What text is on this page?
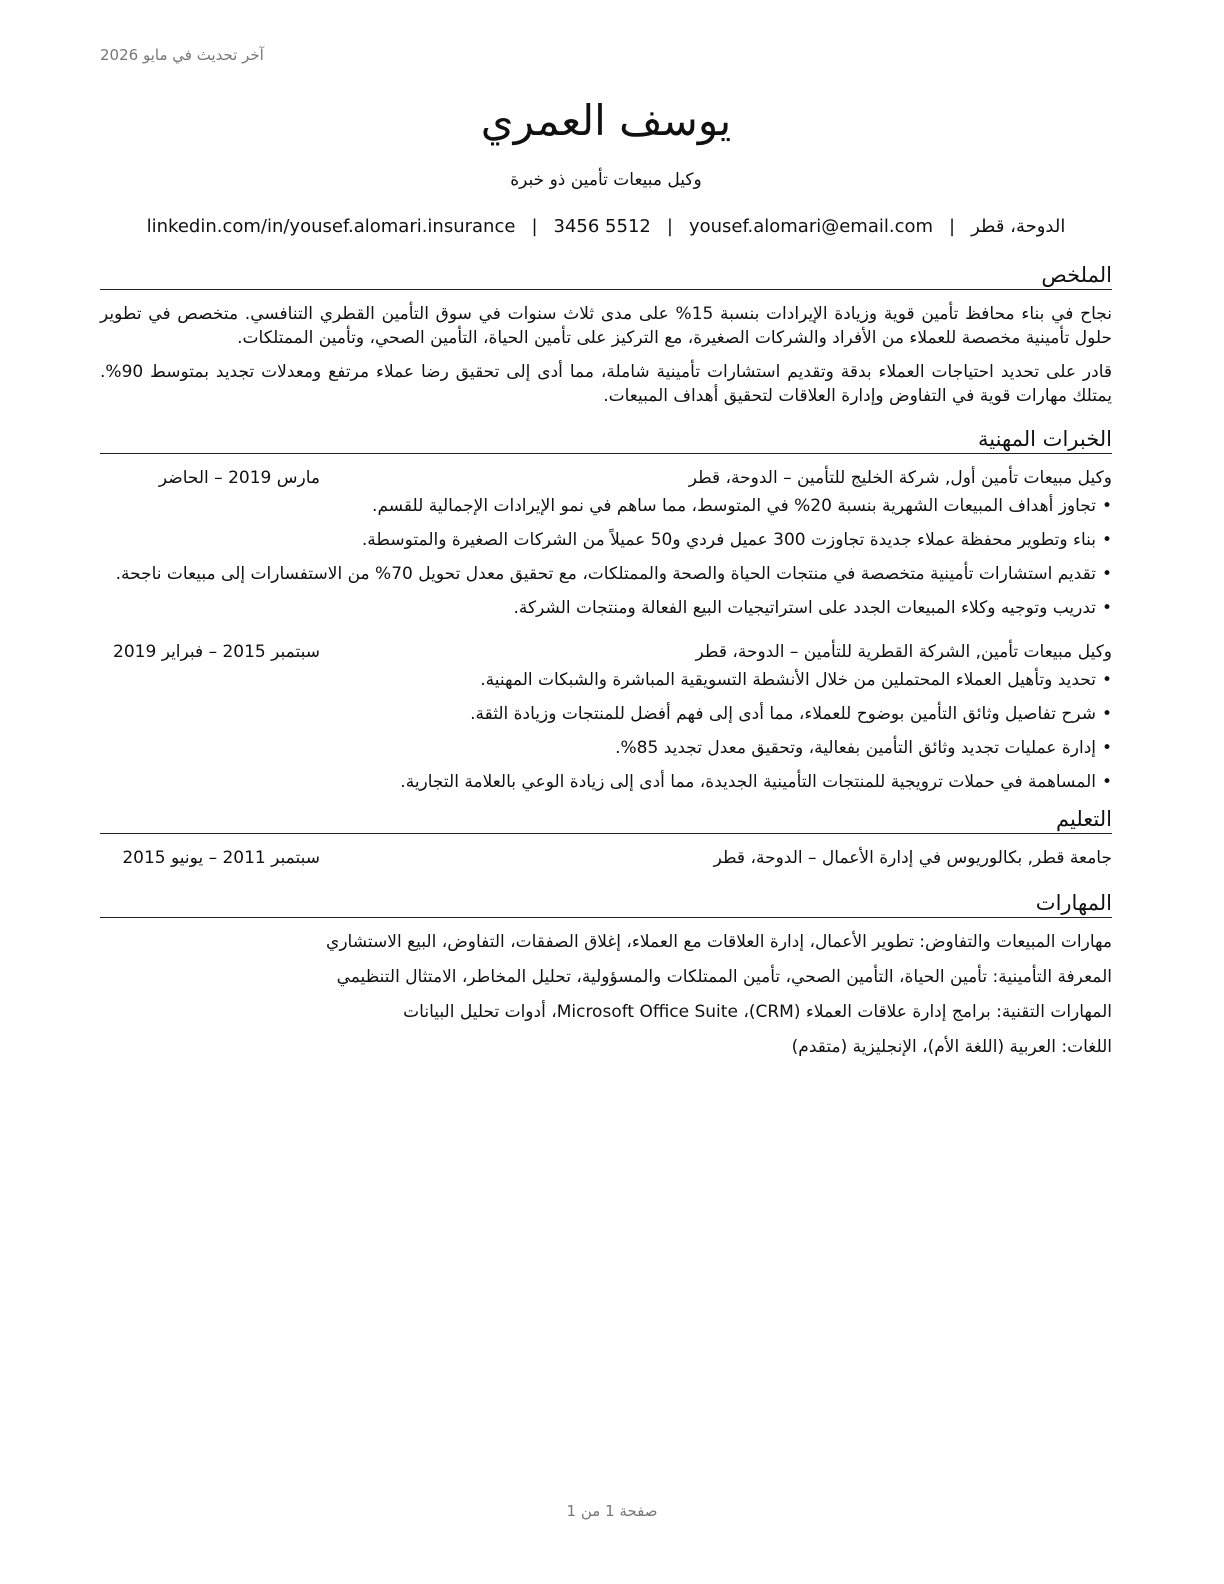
آخر تحديث في مايو 2026
يوسف العمري
وكيل مبيعات تأمين ذو خبرة
الدوحة، قطر|yousef.alomari@email.com|3456 5512|linkedin.com/in/yousef.alomari.insurance
الملخص

نجاح في بناء محافظ تأمين قوية وزيادة الإيرادات بنسبة 15% على مدى ثلاث سنوات في سوق التأمين القطري التنافسي. متخصص في تطوير حلول تأمينية مخصصة للعملاء من الأفراد والشركات الصغيرة، مع التركيز على تأمين الحياة، التأمين الصحي، وتأمين الممتلكات.

قادر على تحديد احتياجات العملاء بدقة وتقديم استشارات تأمينية شاملة، مما أدى إلى تحقيق رضا عملاء مرتفع ومعدلات تجديد بمتوسط 90%. يمتلك مهارات قوية في التفاوض وإدارة العلاقات لتحقيق أهداف المبيعات.

الخبرات المهنية
وكيل مبيعات تأمين أول, شركة الخليج للتأمين – الدوحة، قطر
مارس 2019 – الحاضر
• تجاوز أهداف المبيعات الشهرية بنسبة 20% في المتوسط، مما ساهم في نمو الإيرادات الإجمالية للقسم.
• بناء وتطوير محفظة عملاء جديدة تجاوزت 300 عميل فردي و50 عميلاً من الشركات الصغيرة والمتوسطة.
• تقديم استشارات تأمينية متخصصة في منتجات الحياة والصحة والممتلكات، مع تحقيق معدل تحويل 70% من الاستفسارات إلى مبيعات ناجحة.
• تدريب وتوجيه وكلاء المبيعات الجدد على استراتيجيات البيع الفعالة ومنتجات الشركة.
وكيل مبيعات تأمين, الشركة القطرية للتأمين – الدوحة، قطر
سبتمبر 2015 – فبراير 2019
• تحديد وتأهيل العملاء المحتملين من خلال الأنشطة التسويقية المباشرة والشبكات المهنية.
• شرح تفاصيل وثائق التأمين بوضوح للعملاء، مما أدى إلى فهم أفضل للمنتجات وزيادة الثقة.
• إدارة عمليات تجديد وثائق التأمين بفعالية، وتحقيق معدل تجديد 85%.
• المساهمة في حملات ترويجية للمنتجات التأمينية الجديدة، مما أدى إلى زيادة الوعي بالعلامة التجارية.
التعليم
جامعة قطر, بكالوريوس في إدارة الأعمال – الدوحة، قطر
سبتمبر 2011 – يونيو 2015
المهارات
مهارات المبيعات والتفاوض: تطوير الأعمال، إدارة العلاقات مع العملاء، إغلاق الصفقات، التفاوض، البيع الاستشاري
المعرفة التأمينية: تأمين الحياة، التأمين الصحي، تأمين الممتلكات والمسؤولية، تحليل المخاطر، الامتثال التنظيمي
المهارات التقنية: برامج إدارة علاقات العملاء (CRM)، Microsoft Office Suite، أدوات تحليل البيانات
اللغات: العربية (اللغة الأم)، الإنجليزية (متقدم)
صفحة 1 من 1
